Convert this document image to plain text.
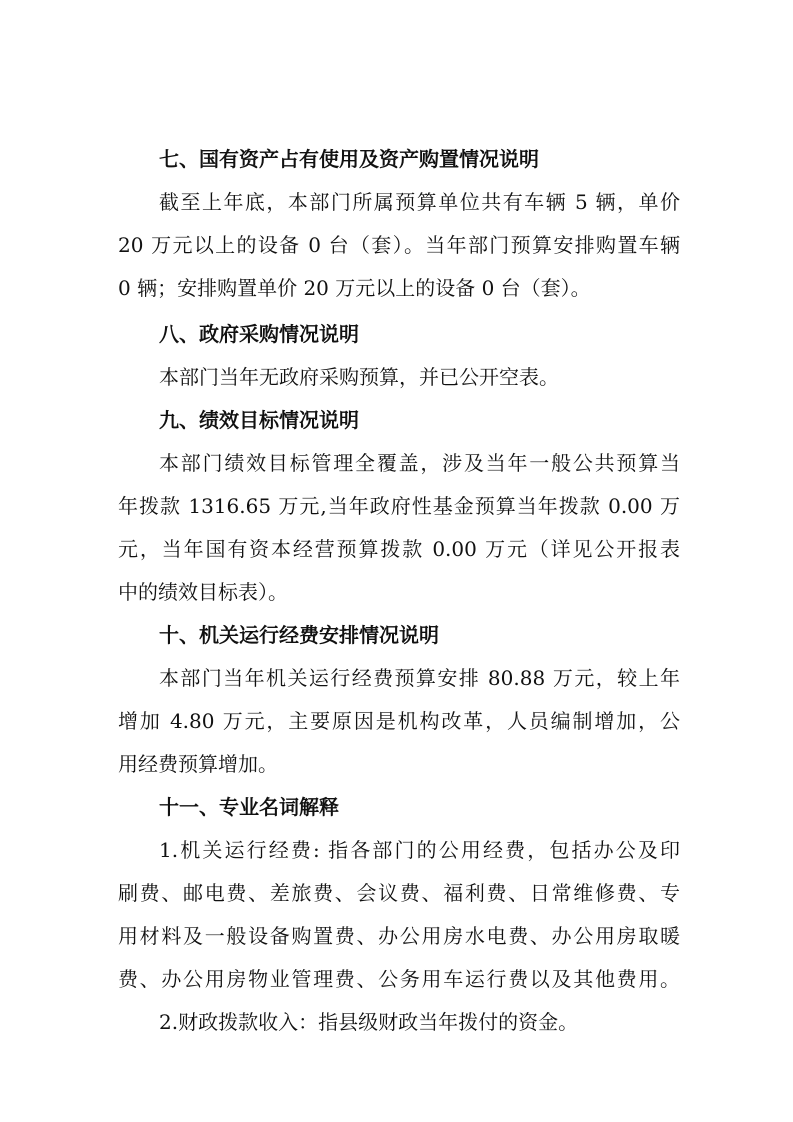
七、国有资产占有使用及资产购置情况说明
截至上年底，本部门所属预算单位共有车辆 5 辆，单价
20 万元以上的设备 0 台（套）。当年部门预算安排购置车辆
0 辆；安排购置单价 20 万元以上的设备 0 台（套）。
八、政府采购情况说明
本部门当年无政府采购预算，并已公开空表。
九、绩效目标情况说明
本部门绩效目标管理全覆盖，涉及当年一般公共预算当
年拨款 1316.65 万元,当年政府性基金预算当年拨款 0.00 万
元，当年国有资本经营预算拨款 0.00 万元（详见公开报表
中的绩效目标表）。
十、机关运行经费安排情况说明
本部门当年机关运行经费预算安排 80.88 万元，较上年
增加 4.80 万元，主要原因是机构改革，人员编制增加，公
用经费预算增加。
十一、专业名词解释
1.机关运行经费: 指各部门的公用经费，包括办公及印
刷费、邮电费、差旅费、会议费、福利费、日常维修费、专
用材料及一般设备购置费、办公用房水电费、办公用房取暖
费、办公用房物业管理费、公务用车运行费以及其他费用。
2.财政拨款收入：指县级财政当年拨付的资金。
